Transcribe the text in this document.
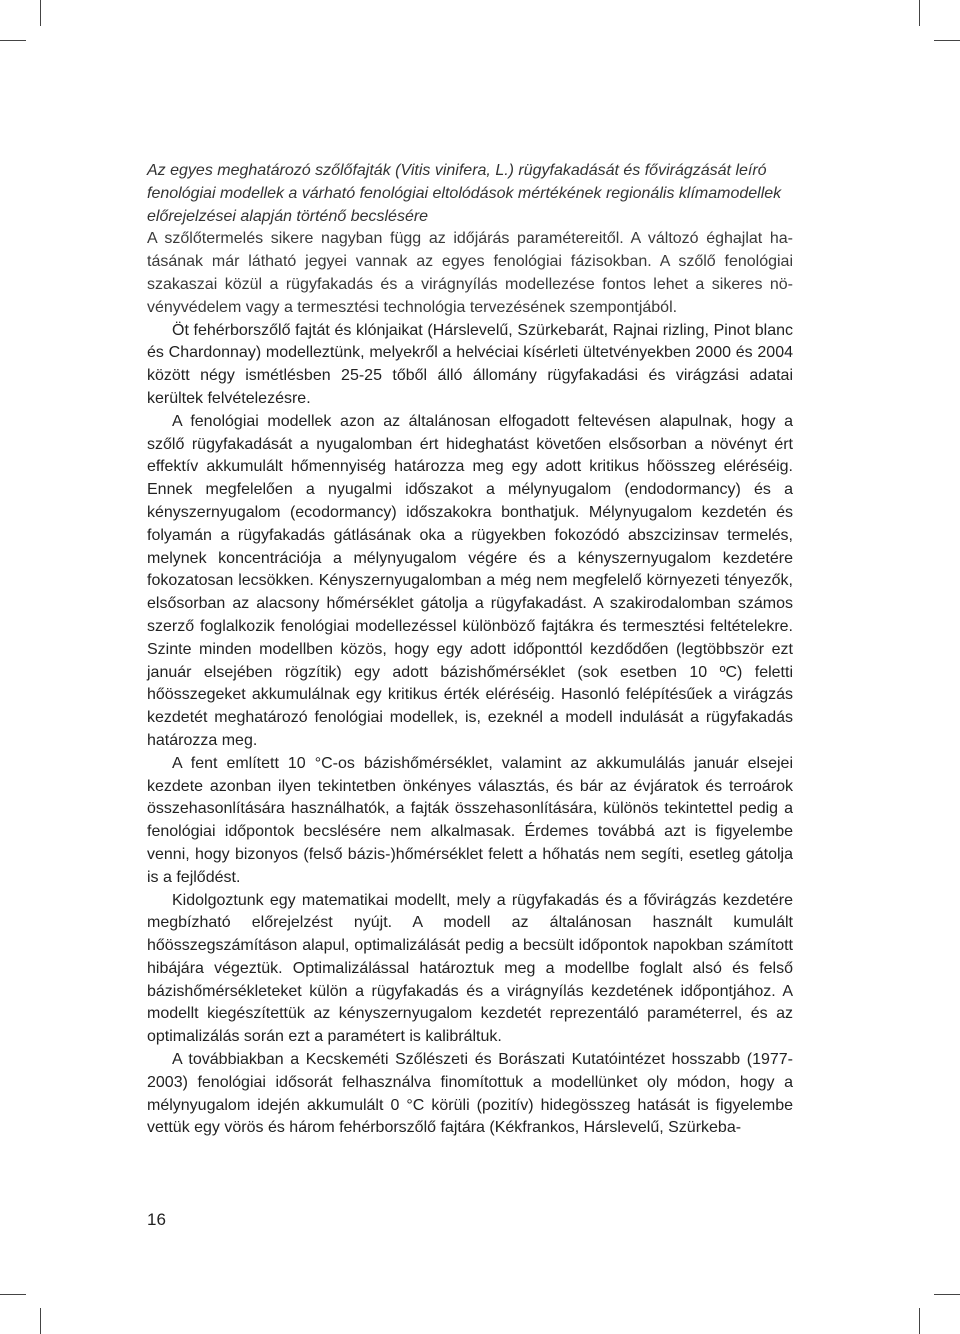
Az egyes meghatározó szőlőfajták (Vitis vinifera, L.) rügyfakadását és fővirágzását leíró fenológiai modellek a várható fenológiai eltolódások mértékének regionális klímamodellek előrejelzései alapján történő becslésére
A szőlőtermelés sikere nagyban függ az időjárás paramétereitől. A változó éghajlat hatásának már látható jegyei vannak az egyes fenológiai fázisokban. A szőlő fenológiai szakaszai közül a rügyfakadás és a virágnyílás modellezése fontos lehet a sikeres növényvédelem vagy a termesztési technológia tervezésének szempontjából.
Öt fehérborszőlő fajtát és klónjaikat (Hárslevelű, Szürkebarát, Rajnai rizling, Pinot blanc és Chardonnay) modelleztünk, melyekről a helvéciai kísérleti ültetvényekben 2000 és 2004 között négy ismétlésben 25-25 tőből álló állomány rügyfakadási és virágzási adatai kerültek felvételezésre.
A fenológiai modellek azon az általánosan elfogadott feltevésen alapulnak, hogy a szőlő rügyfakadását a nyugalomban ért hideghatást követően elsősorban a növényt ért effektív akkumulált hőmennyiség határozza meg egy adott kritikus hőösszeg eléréséig. Ennek megfelelően a nyugalmi időszakot a mélynyugalom (endodormancy) és a kényszernyugalom (ecodormancy) időszakokra bonthatjuk. Mélynyugalom kezdetén és folyamán a rügyfakadás gátlásának oka a rügyekben fokozódó abszcizinsav termelés, melynek koncentrációja a mélynyugalom végére és a kényszernyugalom kezdetére fokozatosan lecsökken. Kényszernyugalomban a még nem megfelelő környezeti tényezők, elsősorban az alacsony hőmérséklet gátolja a rügyfakadást. A szakirodalomban számos szerző foglalkozik fenológiai modellezéssel különböző fajtákra és termesztési feltételekre. Szinte minden modellben közös, hogy egy adott időponttól kezdődően (legtöbbször ezt január elsejében rögzítik) egy adott bázishőmérséklet (sok esetben 10 ºC) feletti hőösszegeket akkumulálnak egy kritikus érték eléréséig. Hasonló felépítésűek a virágzás kezdetét meghatározó fenológiai modellek, is, ezeknél a modell indulását a rügyfakadás határozza meg.
A fent említett 10 °C-os bázishőmérséklet, valamint az akkumulálás január elsejei kezdete azonban ilyen tekintetben önkényes választás, és bár az évjáratok és terroárok összehasonlítására használhatók, a fajták összehasonlítására, különös tekintettel pedig a fenológiai időpontok becslésére nem alkalmasak. Érdemes továbbá azt is figyelembe venni, hogy bizonyos (felső bázis-)hőmérséklet felett a hőhatás nem segíti, esetleg gátolja is a fejlődést.
Kidolgoztunk egy matematikai modellt, mely a rügyfakadás és a fővirágzás kezdetére megbízható előrejelzést nyújt. A modell az általánosan használt kumulált hőösszegszámításon alapul, optimalizálását pedig a becsült időpontok napokban számított hibájára végeztük. Optimalizálással határoztuk meg a modellbe foglalt alsó és felső bázishőmérsékleteket külön a rügyfakadás és a virágnyílás kezdetének időpontjához. A modellt kiegészítettük az kényszernyugalom kezdetét reprezentáló paraméterrel, és az optimalizálás során ezt a paramétert is kalibráltuk.
A továbbiakban a Kecskeméti Szőlészeti és Borászati Kutatóintézet hosszabb (1977-2003) fenológiai idősorát felhasználva finomítottuk a modellünket oly módon, hogy a mélynyugalom idején akkumulált 0 °C körüli (pozitív) hidegösszeg hatását is figyelembe vettük egy vörös és három fehérborszőlő fajtára (Kékfrankos, Hárslevelű, Szürkeba-
16
